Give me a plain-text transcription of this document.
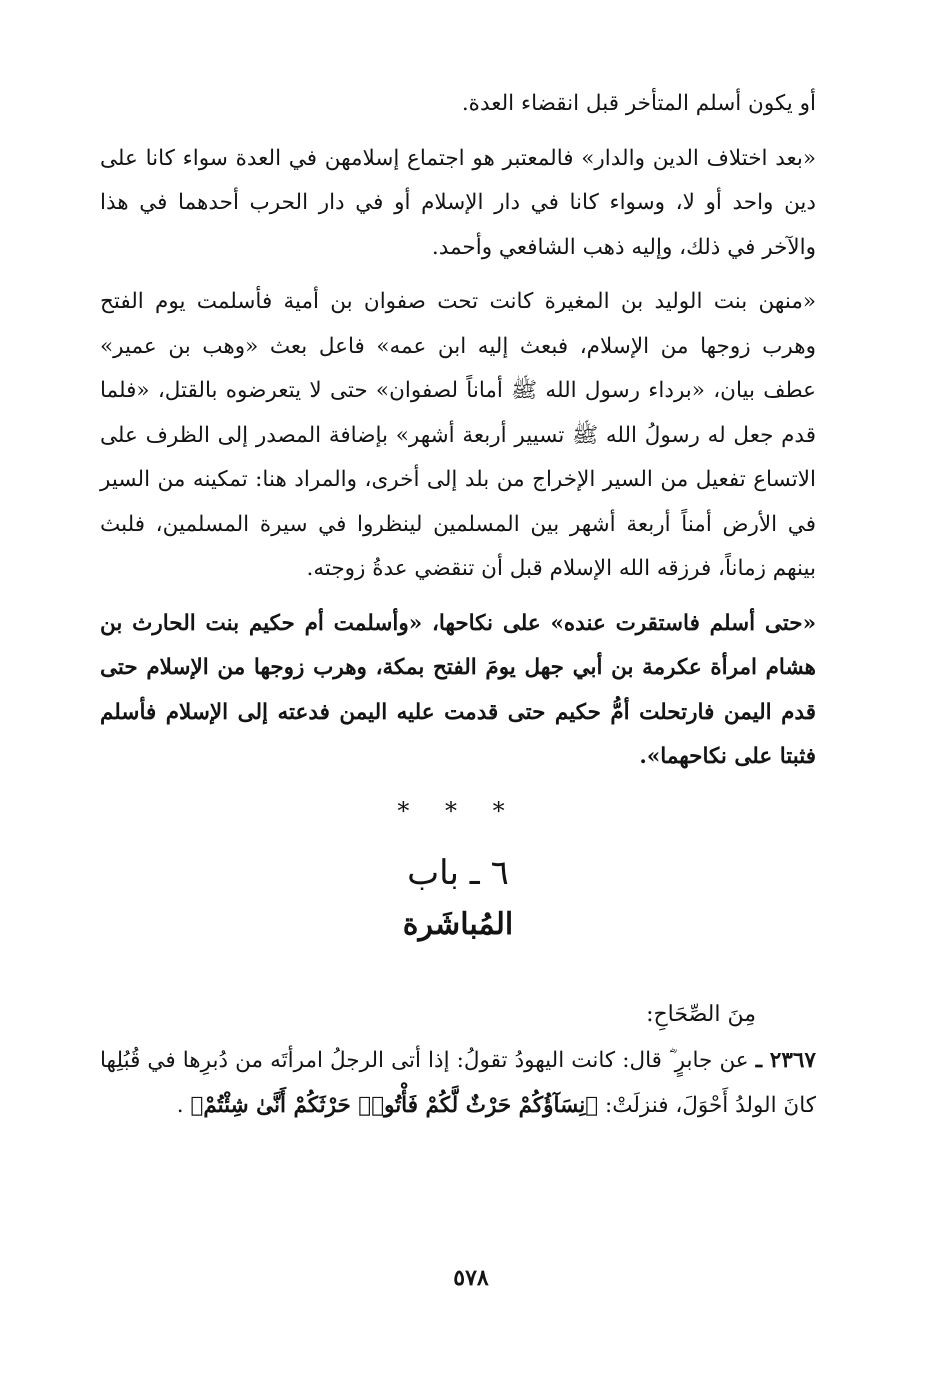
أو يكون أسلم المتأخر قبل انقضاء العدة.

«بعد اختلاف الدين والدار» فالمعتبر هو اجتماع إسلامهن في العدة سواء كانا على دين واحد أو لا، وسواء كانا في دار الإسلام أو في دار الحرب أحدهما في هذا والآخر في ذلك، وإليه ذهب الشافعي وأحمد.

«منهن بنت الوليد بن المغيرة كانت تحت صفوان بن أمية فأسلمت يوم الفتح وهرب زوجها من الإسلام، فبعث إليه ابن عمه» فاعل بعث «وهب بن عمير» عطف بيان، «برداء رسول الله ﷺ أماناً لصفوان» حتى لا يتعرضوه بالقتل، «فلما قدم جعل له رسولُ الله ﷺ تسيير أربعة أشهر» بإضافة المصدر إلى الظرف على الاتساع تفعيل من السير الإخراج من بلد إلى أخرى، والمراد هنا: تمكينه من السير في الأرض أمناً أربعة أشهر بين المسلمين لينظروا في سيرة المسلمين، فلبث بينهم زماناً، فرزقه الله الإسلام قبل أن تنقضي عدةُ زوجته.

«حتى أسلم فاستقرت عنده» على نكاحها، «وأسلمت أم حكيم بنت الحارث بن هشام امرأة عكرمة بن أبي جهل يومَ الفتح بمكة، وهرب زوجها من الإسلام حتى قدم اليمن فارتحلت أمُّ حكيم حتى قدمت عليه اليمن فدعته إلى الإسلام فأسلم فثبتا على نكاحهما».

* * *
٦ ـ باب
المُباشَرة
مِنَ الصِّحَاحِ:

٢٣٦٧ ـ عن جابرٍ ؓ قال: كانت اليهودُ تقولُ: إذا أتى الرجلُ امرأتَه من دُبرِها في قُبُلِها كانَ الولدُ أَحْوَلَ، فنزلَتْ: ﴿نِسَآؤُكُمْ حَرْثٌ لَّكُمْ فَأْتُوا۟ حَرْثَكُمْ أَنَّىٰ شِئْتُمْ﴾ .

٥٧٨
